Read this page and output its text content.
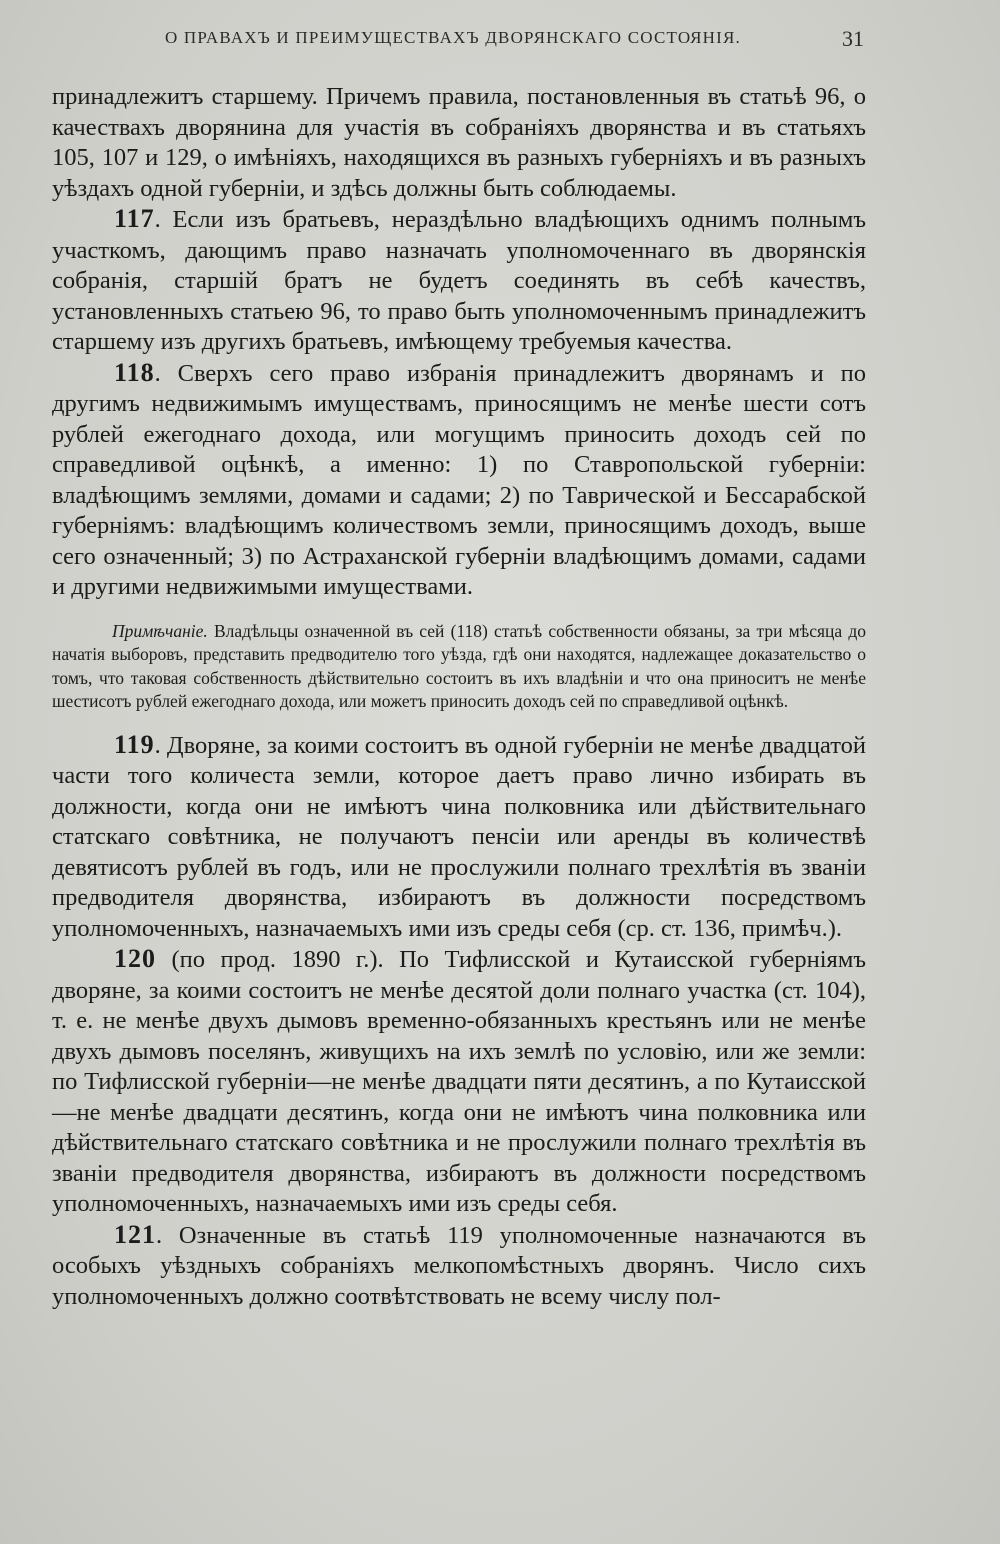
О ПРАВАХЪ И ПРЕИМУЩЕСТВАХЪ ДВОРЯНСКАГО СОСТОЯНІЯ.	31

принадлежитъ старшему. Причемъ правила, постановленныя въ статьѣ 96, о качествахъ дворянина для участія въ собраніяхъ дворянства и въ статьяхъ 105, 107 и 129, о имѣніяхъ, находящихся въ разныхъ губерніяхъ и въ разныхъ уѣздахъ одной губерніи, и здѣсь должны быть соблюдаемы.

117. Если изъ братьевъ, нераздѣльно владѣющихъ однимъ полнымъ участкомъ, дающимъ право назначать уполномоченнаго въ дворянскія собранія, старшій братъ не будетъ соединять въ себѣ качествъ, установленныхъ статьею 96, то право быть уполномоченнымъ принадлежитъ старшему изъ другихъ братьевъ, имѣющему требуемыя качества.

118. Сверхъ сего право избранія принадлежитъ дворянамъ и по другимъ недвижимымъ имуществамъ, приносящимъ не менѣе шести сотъ рублей ежегоднаго дохода, или могущимъ приносить доходъ сей по справедливой оцѣнкѣ, а именно: 1) по Ставропольской губерніи: владѣющимъ землями, домами и садами; 2) по Таврической и Бессарабской губерніямъ: владѣющимъ количествомъ земли, приносящимъ доходъ, выше сего означенный; 3) по Астраханской губерніи владѣющимъ домами, садами и другими недвижимыми имуществами.

Примѣчаніе. Владѣльцы означенной въ сей (118) статьѣ собственности обязаны, за три мѣсяца до начатія выборовъ, представить предводителю того уѣзда, гдѣ они находятся, надлежащее доказательство о томъ, что таковая собственность дѣйствительно состоитъ въ ихъ владѣніи и что она приноситъ не менѣе шестисотъ рублей ежегоднаго дохода, или можетъ приносить доходъ сей по справедливой оцѣнкѣ.

119. Дворяне, за коими состоитъ въ одной губерніи не менѣе двадцатой части того количеста земли, которое даетъ право лично избирать въ должности, когда они не имѣютъ чина полковника или дѣйствительнаго статскаго совѣтника, не получаютъ пенсіи или аренды въ количествѣ девятисотъ рублей въ годъ, или не прослужили полнаго трехлѣтія въ званіи предводителя дворянства, избираютъ въ должности посредствомъ уполномоченныхъ, назначаемыхъ ими изъ среды себя (ср. ст. 136, примѣч.).

120 (по прод. 1890 г.). По Тифлисской и Кутаисской губерніямъ дворяне, за коими состоитъ не менѣе десятой доли полнаго участка (ст. 104), т. е. не менѣе двухъ дымовъ временно-обязанныхъ крестьянъ или не менѣе двухъ дымовъ поселянъ, живущихъ на ихъ землѣ по условію, или же земли: по Тифлисской губерніи—не менѣе двадцати пяти десятинъ, а по Кутаисской—не менѣе двадцати десятинъ, когда они не имѣютъ чина полковника или дѣйствительнаго статскаго совѣтника и не прослужили полнаго трехлѣтія въ званіи предводителя дворянства, избираютъ въ должности посредствомъ уполномоченныхъ, назначаемыхъ ими изъ среды себя.

121. Означенные въ статьѣ 119 уполномоченные назначаются въ особыхъ уѣздныхъ собраніяхъ мелкопомѣстныхъ дворянъ. Число сихъ уполномоченныхъ должно соотвѣтствовать не всему числу пол-
